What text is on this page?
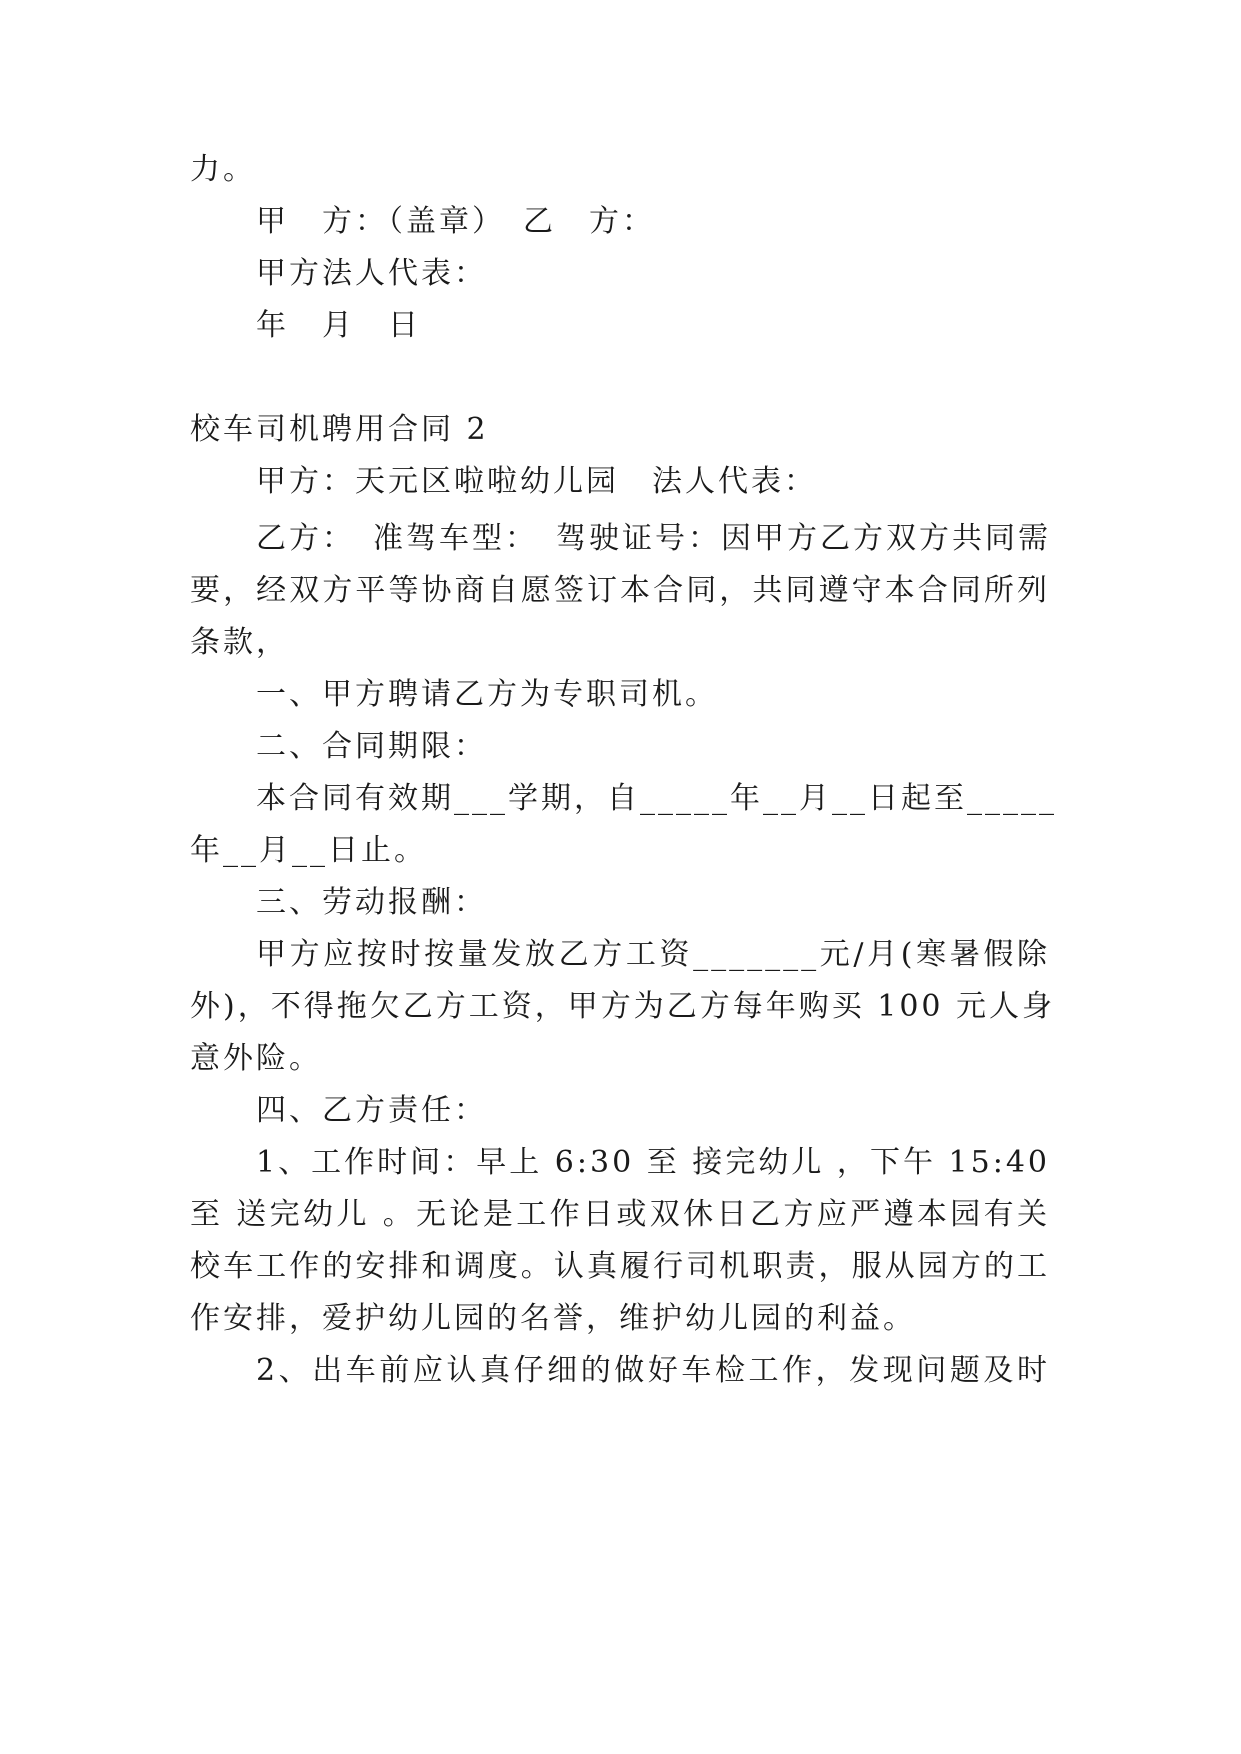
力。
甲　方：（盖章）　乙　方：
甲方法人代表：
年　月　日
校车司机聘用合同 2
甲方：天元区啦啦幼儿园　法人代表：
乙方：　准驾车型：　驾驶证号：因甲方乙方双方共同需
要，经双方平等协商自愿签订本合同，共同遵守本合同所列
条款，
一、甲方聘请乙方为专职司机。
二、合同期限：
本合同有效期___学期，自_____年__月__日起至_____
年__月__日止。
三、劳动报酬：
甲方应按时按量发放乙方工资_______元/月(寒暑假除
外)，不得拖欠乙方工资，甲方为乙方每年购买 100 元人身
意外险。
四、乙方责任：
1、工作时间：早上 6:30 至 接完幼儿 ，下午 15:40
至 送完幼儿 。无论是工作日或双休日乙方应严遵本园有关
校车工作的安排和调度。认真履行司机职责，服从园方的工
作安排，爱护幼儿园的名誉，维护幼儿园的利益。
2、出车前应认真仔细的做好车检工作，发现问题及时
